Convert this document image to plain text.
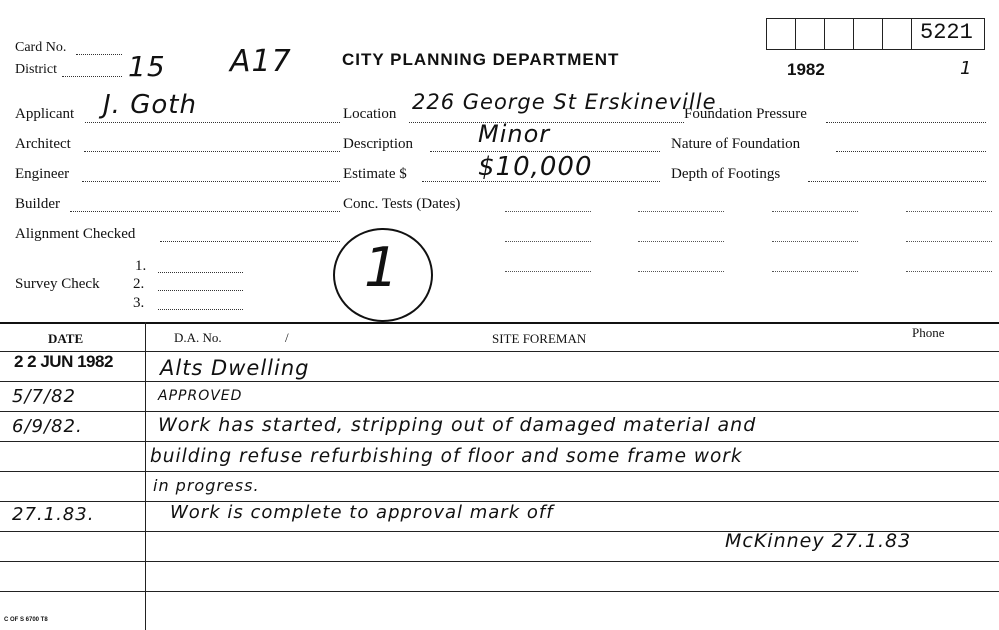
5221
Card No.
District	15 A17	CITY PLANNING DEPARTMENT
1982	1
Applicant J. Goth
Architect
Engineer
Builder
Alignment Checked
Survey Check
1.
2.
3.
Location 226 George St Erskineville
Description	Minor
Estimate $	$10,000
Conc. Tests (Dates)
1
Foundation Pressure
Nature of Foundation
Depth of Footings
DATE	D.A. No.	/	SITE FOREMAN	Phone
2 2 JUN 1982 Alts Dwelling
5/7/82	APPROVED
6/9/82.	Work has started, stripping out of damaged material and
building refuse refurbishing of floor and some frame work
in progress.
27.1.83.	Work is complete to approval mark off
McKinney 27.1.83
C OF S 6700 T8
